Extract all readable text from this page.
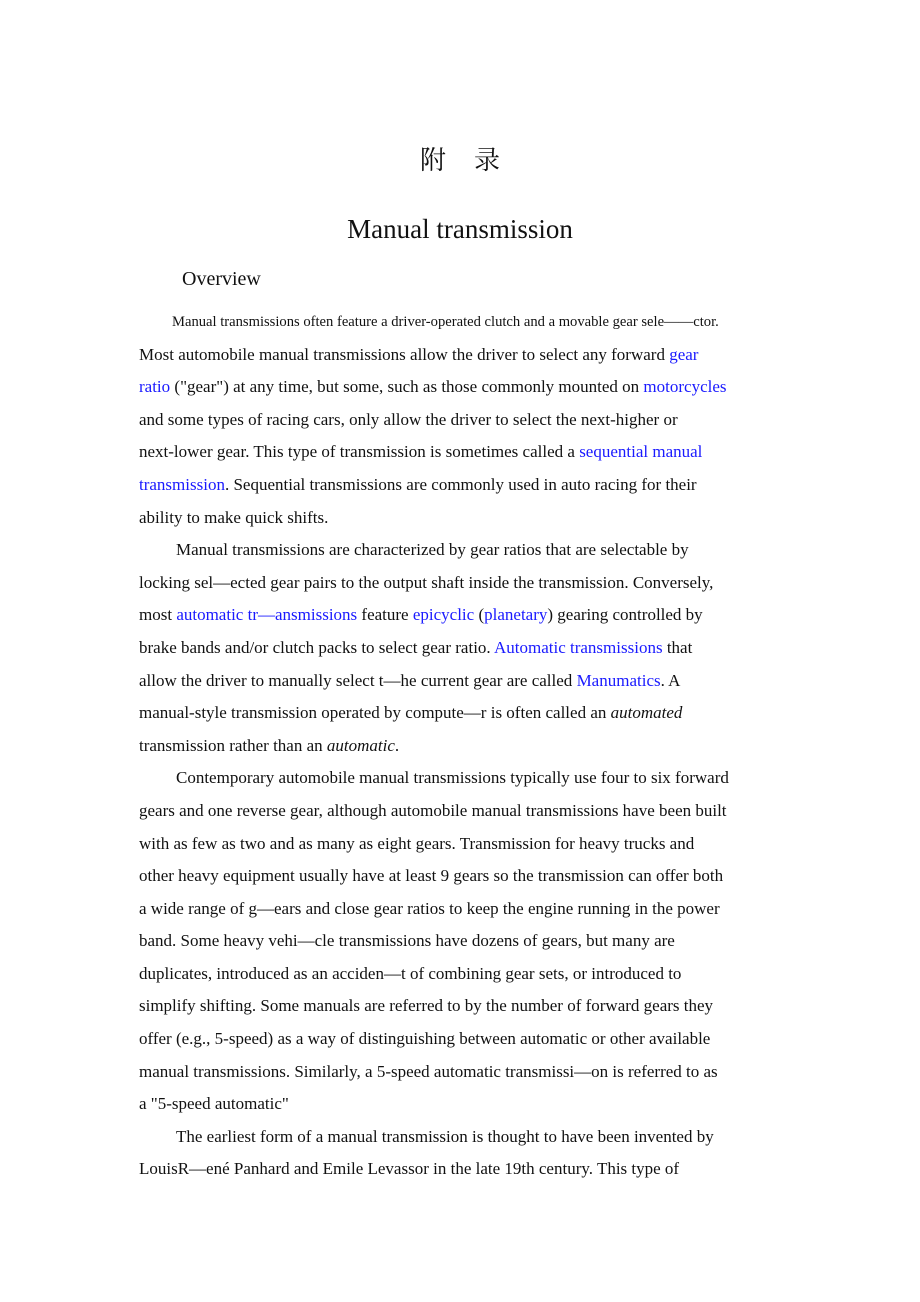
附 录
Manual transmission
Overview
Manual transmissions often feature a driver-operated clutch and a movable gear sele——ctor.
Most automobile manual transmissions allow the driver to select any forward gear
ratio ("gear") at any time, but some, such as those commonly mounted on motorcycles
and some types of racing cars, only allow the driver to select the next-higher or
next-lower gear. This type of transmission is sometimes called a sequential manual
transmission. Sequential transmissions are commonly used in auto racing for their
ability to make quick shifts.
Manual transmissions are characterized by gear ratios that are selectable by
locking sel—ected gear pairs to the output shaft inside the transmission. Conversely,
most automatic tr—ansmissions feature epicyclic (planetary) gearing controlled by
brake bands and/or clutch packs to select gear ratio. Automatic transmissions that
allow the driver to manually select t—he current gear are called Manumatics. A
manual-style transmission operated by compute—r is often called an automated
transmission rather than an automatic.
Contemporary automobile manual transmissions typically use four to six forward
gears and one reverse gear, although automobile manual transmissions have been built
with as few as two and as many as eight gears. Transmission for heavy trucks and
other heavy equipment usually have at least 9 gears so the transmission can offer both
a wide range of g—ears and close gear ratios to keep the engine running in the power
band. Some heavy vehi—cle transmissions have dozens of gears, but many are
duplicates, introduced as an acciden—t of combining gear sets, or introduced to
simplify shifting. Some manuals are referred to by the number of forward gears they
offer (e.g., 5-speed) as a way of distinguishing between automatic or other available
manual transmissions. Similarly, a 5-speed automatic transmissi—on is referred to as
a "5-speed automatic"
The earliest form of a manual transmission is thought to have been invented by
LouisR—ené Panhard and Emile Levassor in the late 19th century. This type of
